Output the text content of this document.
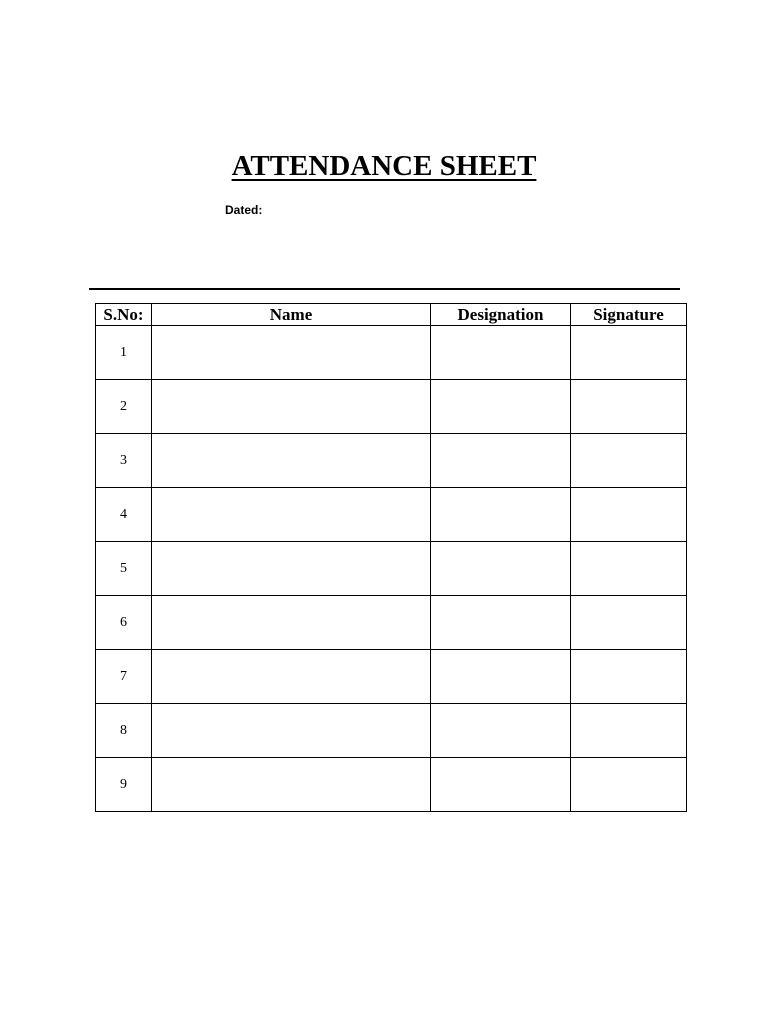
ATTENDANCE SHEET
Dated:
S.No:	Name	Designation	Signature
1			
2			
3			
4			
5			
6			
7			
8			
9			
